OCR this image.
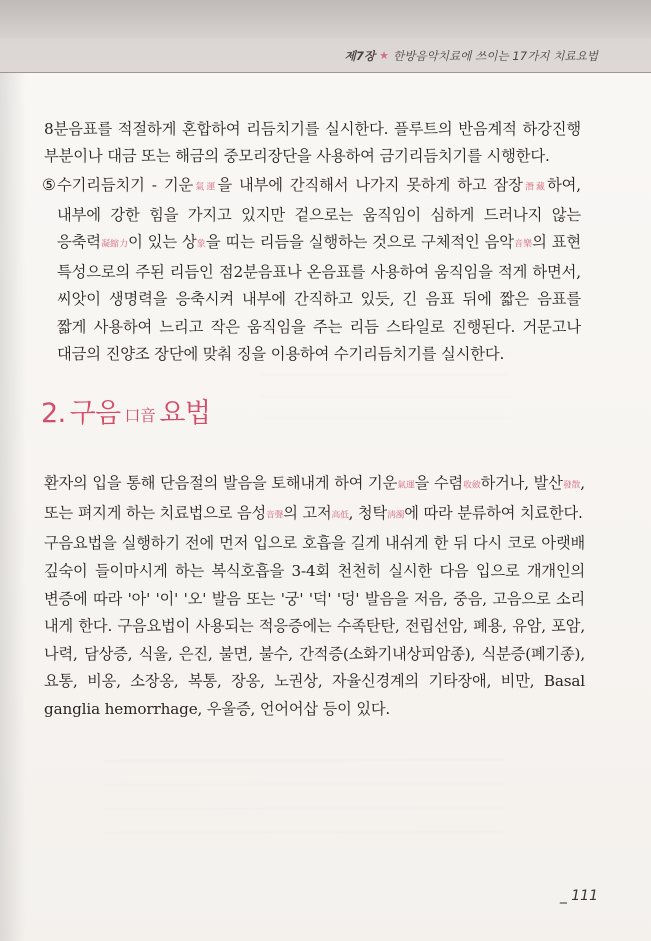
제7장 ★ 한방음악치료에 쓰이는 17가지 치료요법

8분음표를 적절하게 혼합하여 리듬치기를 실시한다. 플루트의 반음계적 하강진행 부분이나 대금 또는 해금의 중모리장단을 사용하여 금기리듬치기를 시행한다.

⑤ 수기리듬치기 - 기운氣運을 내부에 간직해서 나가지 못하게 하고 잠장潛藏하여, 내부에 강한 힘을 가지고 있지만 겉으로는 움직임이 심하게 드러나지 않는 응축력凝縮力이 있는 상象을 띠는 리듬을 실행하는 것으로 구체적인 음악音樂의 표현 특성으로의 주된 리듬인 점2분음표나 온음표를 사용하여 움직임을 적게 하면서, 씨앗이 생명력을 응축시켜 내부에 간직하고 있듯, 긴 음표 뒤에 짧은 음표를 짧게 사용하여 느리고 작은 움직임을 주는 리듬 스타일로 진행된다. 거문고나 대금의 진양조 장단에 맞춰 징을 이용하여 수기리듬치기를 실시한다.

2. 구음 口音 요법

환자의 입을 통해 단음절의 발음을 토해내게 하여 기운氣運을 수렴收斂하거나, 발산發散, 또는 펴지게 하는 치료법으로 음성音聲의 고저高低, 청탁淸濁에 따라 분류하여 치료한다.

구음요법을 실행하기 전에 먼저 입으로 호흡을 길게 내쉬게 한 뒤 다시 코로 아랫배 깊숙이 들이마시게 하는 복식호흡을 3-4회 천천히 실시한 다음 입으로 개개인의 변증에 따라 '아' '이' '오' 발음 또는 '궁' '덕' '덩' 발음을 저음, 중음, 고음으로 소리 내게 한다. 구음요법이 사용되는 적응증에는 수족탄탄, 전립선암, 폐용, 유암, 포암, 나력, 담상증, 식울, 은진, 불면, 불수, 간적증(소화기내상피암종), 식분증(폐기종), 요통, 비옹, 소장옹, 복통, 장옹, 노권상, 자율신경계의 기타장애, 비만, Basal ganglia hemorrhage, 우울증, 언어어삽 등이 있다.

_ 111
